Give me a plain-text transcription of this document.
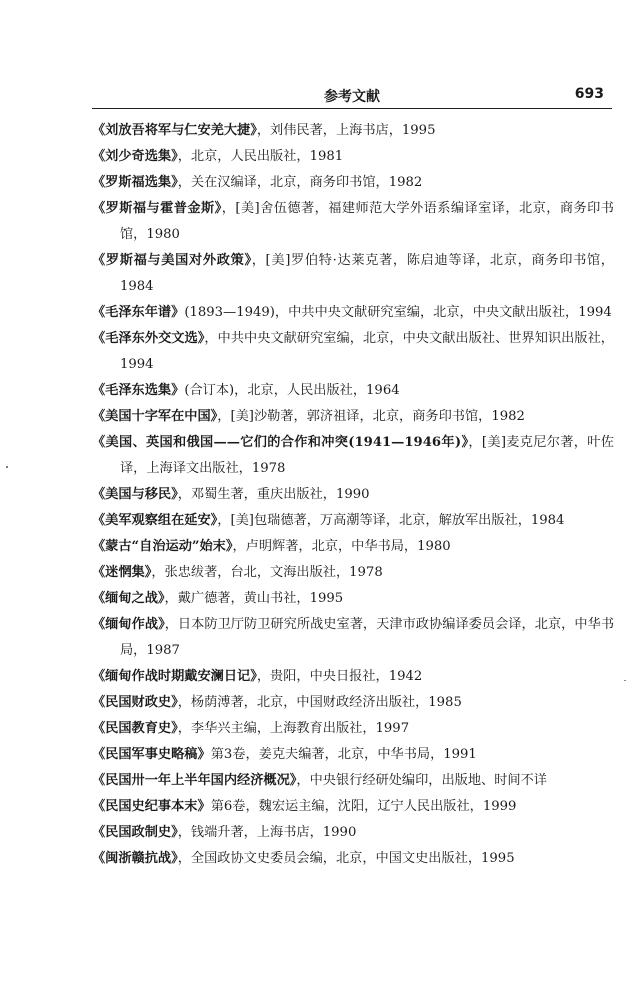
参考文献	693
《刘放吾将军与仁安羌大捷》，刘伟民著，上海书店，1995
《刘少奇选集》，北京，人民出版社，1981
《罗斯福选集》，关在汉编译，北京，商务印书馆，1982
《罗斯福与霍普金斯》，[美]舍伍德著，福建师范大学外语系编译室译，北京，商务印书馆，1980
《罗斯福与美国对外政策》，[美]罗伯特·达莱克著，陈启迪等译，北京，商务印书馆，1984
《毛泽东年谱》(1893—1949)，中共中央文献研究室编，北京，中央文献出版社，1994
《毛泽东外交文选》，中共中央文献研究室编，北京，中央文献出版社、世界知识出版社，1994
《毛泽东选集》(合订本)，北京，人民出版社，1964
《美国十字军在中国》，[美]沙勒著，郭济祖译，北京，商务印书馆，1982
《美国、英国和俄国——它们的合作和冲突(1941—1946年)》，[美]麦克尼尔著，叶佐译，上海译文出版社，1978
《美国与移民》，邓蜀生著，重庆出版社，1990
《美军观察组在延安》，[美]包瑞德著，万高潮等译，北京，解放军出版社，1984
《蒙古“自治运动”始末》，卢明辉著，北京，中华书局，1980
《迷惘集》，张忠绂著，台北，文海出版社，1978
《缅甸之战》，戴广德著，黄山书社，1995
《缅甸作战》，日本防卫厅防卫研究所战史室著，天津市政协编译委员会译，北京，中华书局，1987
《缅甸作战时期戴安澜日记》，贵阳，中央日报社，1942
《民国财政史》，杨荫溥著，北京，中国财政经济出版社，1985
《民国教育史》，李华兴主编，上海教育出版社，1997
《民国军事史略稿》第3卷，姜克夫编著，北京，中华书局，1991
《民国卅一年上半年国内经济概况》，中央银行经研处编印，出版地、时间不详
《民国史纪事本末》第6卷，魏宏运主编，沈阳，辽宁人民出版社，1999
《民国政制史》，钱端升著，上海书店，1990
《闽浙赣抗战》，全国政协文史委员会编，北京，中国文史出版社，1995
